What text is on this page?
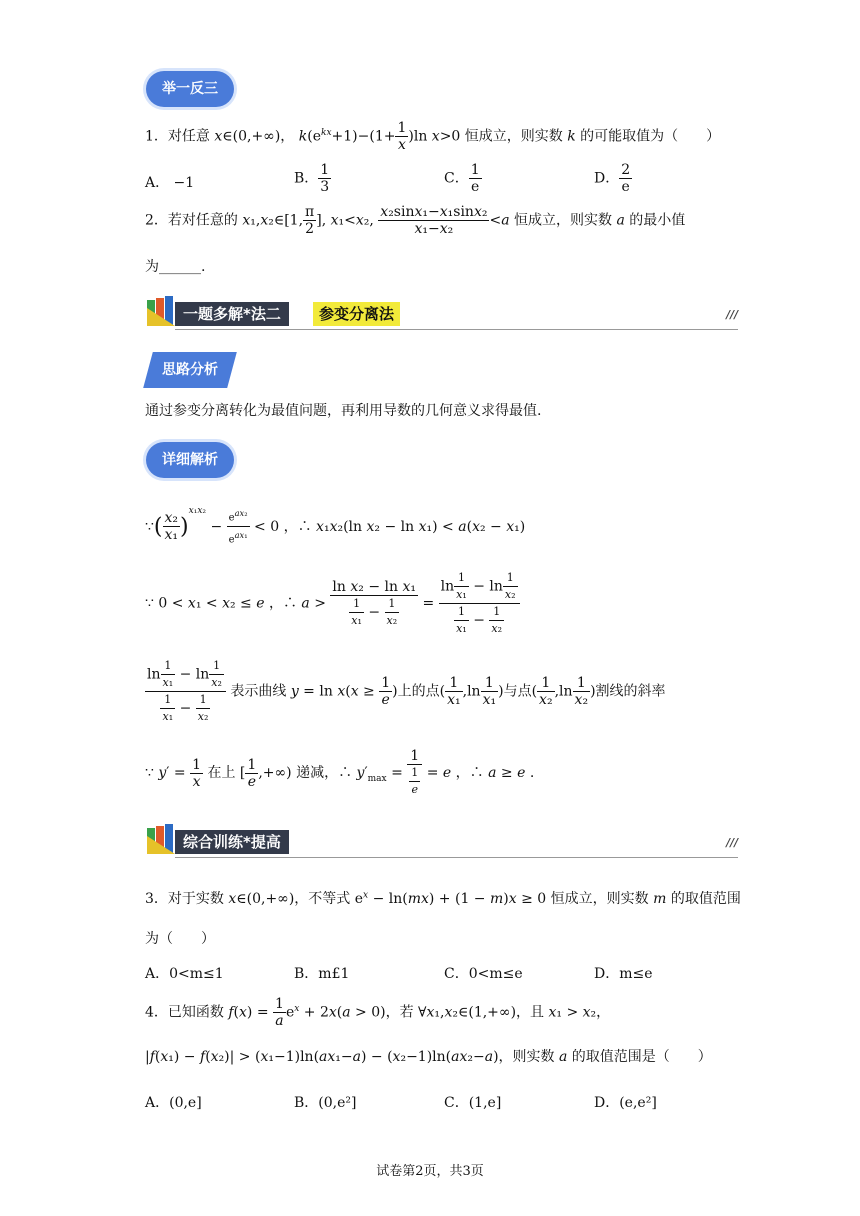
举一反三
1．对任意 x∈(0,+∞)， $k(e^{kx}+1)-(1+ \frac{1}{x} )\ln$ x>0 恒成立，则实数 k 的可能取值为（　　）
A． −1	B． $\frac{1}{3}$	C． $\frac{1}{e}$	D． $\frac{2}{e}$
2．若对任意的 x₁,x₂∈[1, $\frac{\pi}{2}$ ], x₁<x₂, $\frac{\text{x₂sinx₁−x₁sinx₂}}{\text{x₁−x₂}} <a$ 恒成立，则实数 a 的最小值
为______.
一题多解*法二	参变分离法	///
思路分析
通过参变分离转化为最值问题，再利用导数的几何意义求得最值.
详细解析
∵( $\frac{\text{x₂}}{\text{x₁}} )^{x_1x_2} - \frac{e^{ax_2}}{e^{ax_1}} < 0$ ，∴ x₁x₂(ln x₂ − ln x₁) < a(x₂ − x₁)
∵ 0 < x₁ < x₂ ≤ e ，∴ $a > \frac{\text{ln x₂ − ln x₁}}{\frac{1}{\text{x₁}} - \frac{1}{\text{x₂}}} = \frac{\ln \frac{1}{\text{x₁}} - \ln \frac{1}{\text{x₂}}}{\frac{1}{\text{x₁}} - \frac{1}{\text{x₂}}}$
$\frac{\ln \frac{1}{\text{x₁}} - \ln \frac{1}{\text{x₂}}}{\frac{1}{\text{x₁}} - \frac{1}{\text{x₂}}}$ 表示曲线 $y = \ln x(x \ge \frac{1}{e}$ )上的点( $\frac{1}{\text{x₁}} ,\ln \frac{1}{\text{x₁}}$ )与点( $\frac{1}{\text{x₂}} ,\ln \frac{1}{\text{x₂}}$ )割线的斜率
∵ $y' = \frac{1}{x}$ 在上 [ $\frac{1}{e}$ ,+∞) 递减，∴ $y'_{max} = \frac{1}{\frac{1}{e}} = e$ ，∴ a ≥ e .
综合训练*提高	///
3．对于实数 x∈(0,+∞)，不等式 $e^x - \ln(mx) + (1 - m)x \ge 0$ 恒成立，则实数 m 的取值范围
为（　　）
A．0<m≤1	B．m£1	C．0<m≤e	D．m≤e
4．已知函数 $f(x) = \frac{1}{a} e^x + 2x(a > 0)$，若 ∀x₁,x₂∈(1,+∞)，且 x₁ > x₂，
|f(x₁) − f(x₂)| > (x₁−1)ln(ax₁−a) − (x₂−1)ln(ax₂−a)，则实数 a 的取值范围是（　　）
A．(0,e]	B．(0,e²]	C．(1,e]	D．(e,e²]
试卷第2页，共3页
